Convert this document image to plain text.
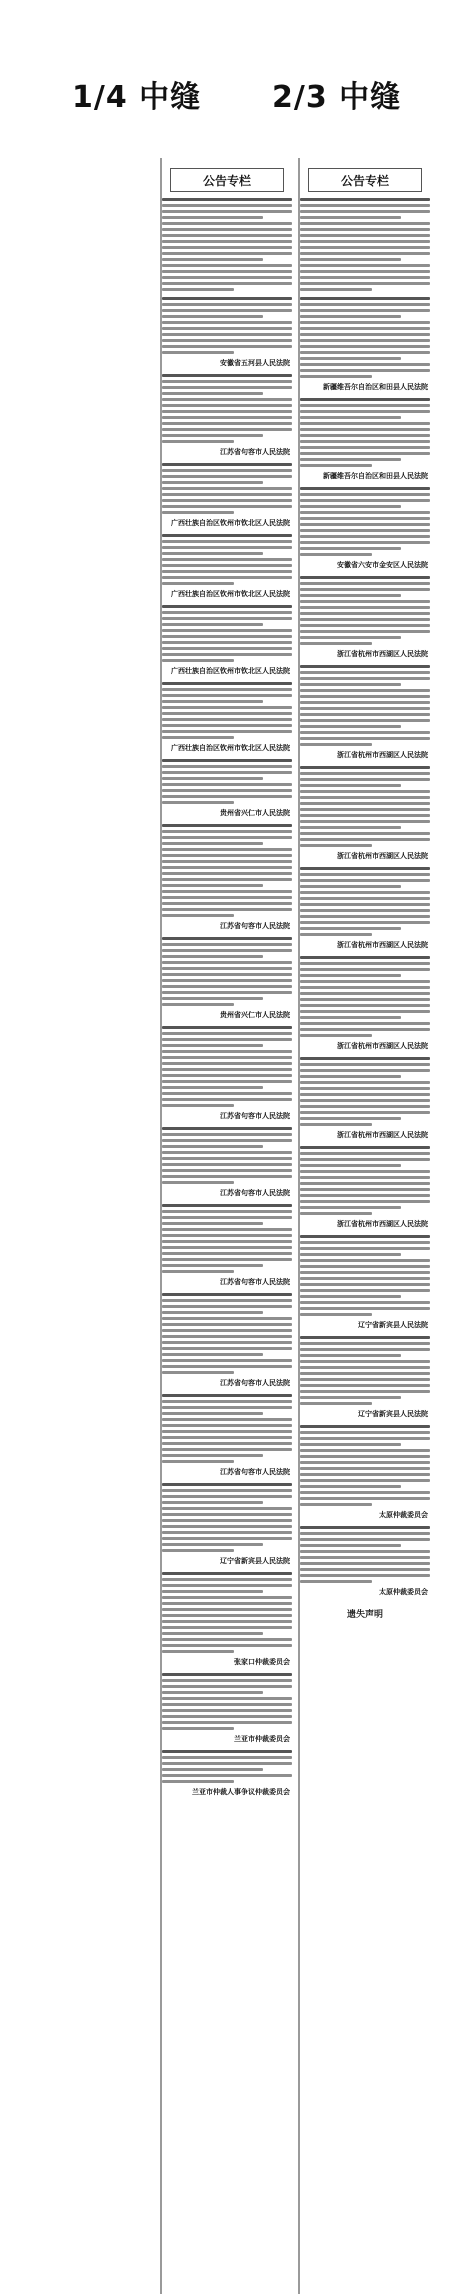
1/4 中缝 2/3 中缝
公告专栏
安徽省五河县人民法院
江苏省句容市人民法院
广西壮族自治区钦州市钦北区人民法院
广西壮族自治区钦州市钦北区人民法院
广西壮族自治区钦州市钦北区人民法院
广西壮族自治区钦州市钦北区人民法院
贵州省兴仁市人民法院
江苏省句容市人民法院
贵州省兴仁市人民法院
江苏省句容市人民法院
江苏省句容市人民法院
江苏省句容市人民法院
江苏省句容市人民法院
江苏省句容市人民法院
辽宁省新宾县人民法院
张家口仲裁委员会
兰亚市仲裁委员会
兰亚市仲裁人事争议仲裁委员会
公告专栏
新疆维吾尔自治区和田县人民法院
新疆维吾尔自治区和田县人民法院
安徽省六安市金安区人民法院
浙江省杭州市西湖区人民法院
浙江省杭州市西湖区人民法院
浙江省杭州市西湖区人民法院
浙江省杭州市西湖区人民法院
浙江省杭州市西湖区人民法院
浙江省杭州市西湖区人民法院
浙江省杭州市西湖区人民法院
辽宁省新宾县人民法院
辽宁省新宾县人民法院
太原仲裁委员会
太原仲裁委员会
遗失声明
